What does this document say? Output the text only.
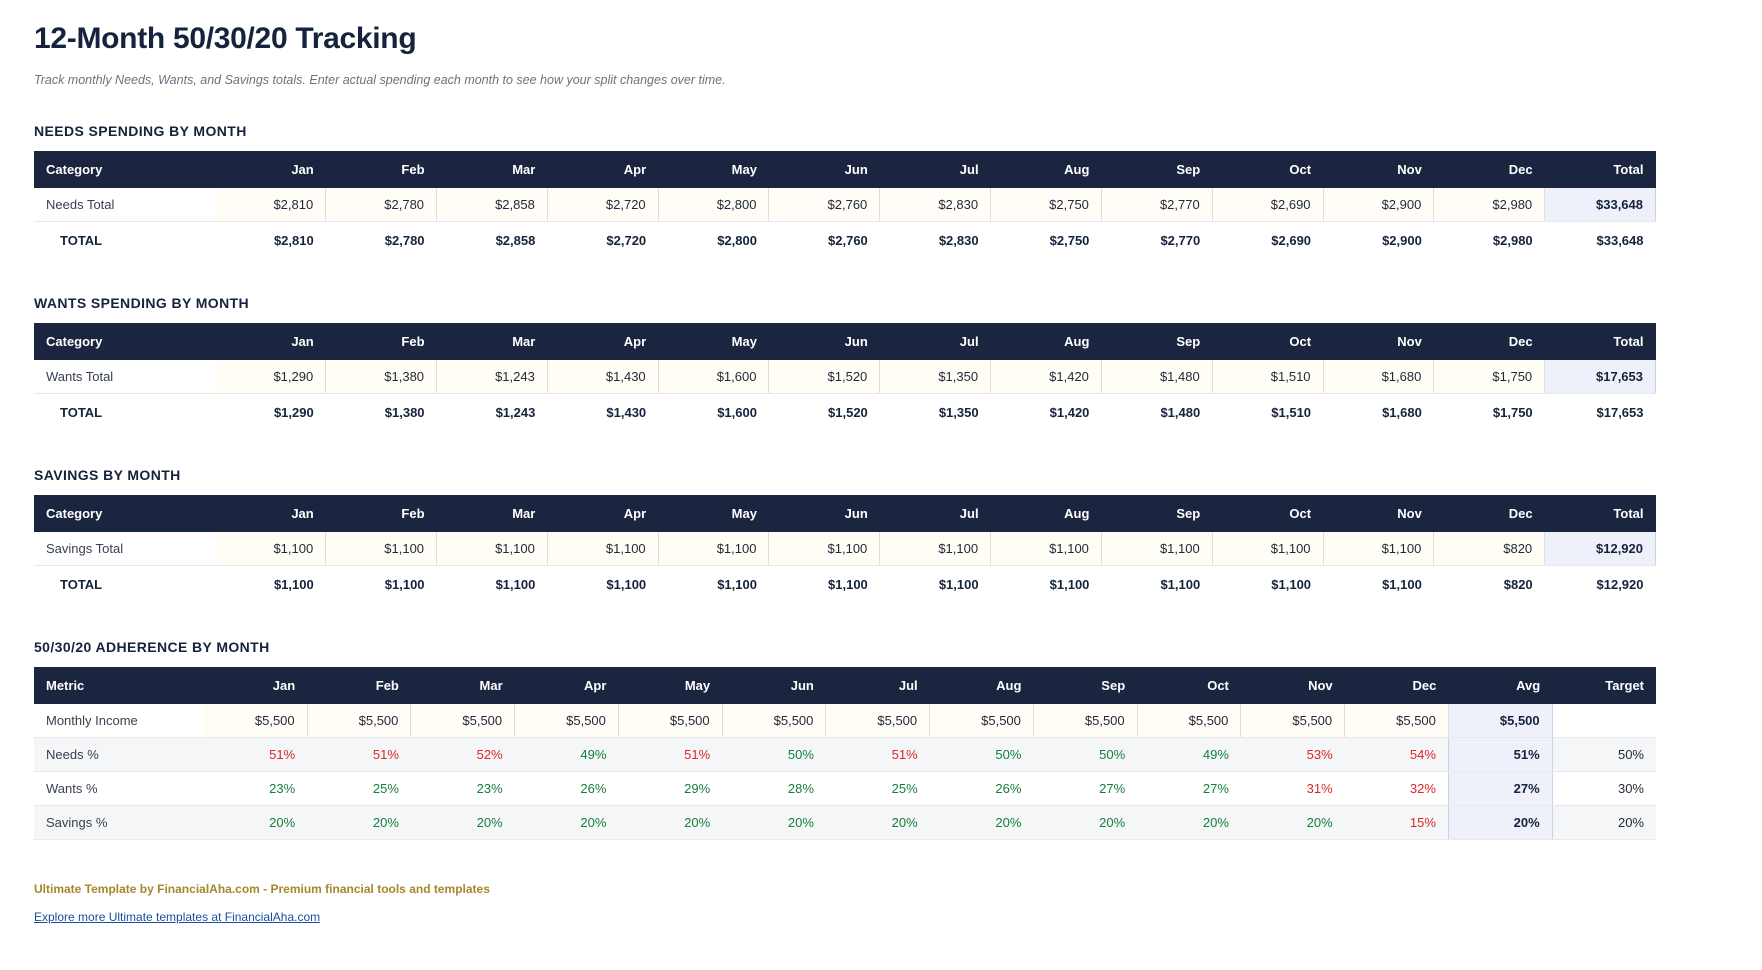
12-Month 50/30/20 Tracking

Track monthly Needs, Wants, and Savings totals. Enter actual spending each month to see how your split changes over time.

NEEDS SPENDING BY MONTH
Category	Jan	Feb	Mar	Apr	May	Jun	Jul	Aug	Sep	Oct	Nov	Dec	Total
Needs Total	$2,810	$2,780	$2,858	$2,720	$2,800	$2,760	$2,830	$2,750	$2,770	$2,690	$2,900	$2,980	$33,648
TOTAL	$2,810	$2,780	$2,858	$2,720	$2,800	$2,760	$2,830	$2,750	$2,770	$2,690	$2,900	$2,980	$33,648
WANTS SPENDING BY MONTH
Category	Jan	Feb	Mar	Apr	May	Jun	Jul	Aug	Sep	Oct	Nov	Dec	Total
Wants Total	$1,290	$1,380	$1,243	$1,430	$1,600	$1,520	$1,350	$1,420	$1,480	$1,510	$1,680	$1,750	$17,653
TOTAL	$1,290	$1,380	$1,243	$1,430	$1,600	$1,520	$1,350	$1,420	$1,480	$1,510	$1,680	$1,750	$17,653
SAVINGS BY MONTH
Category	Jan	Feb	Mar	Apr	May	Jun	Jul	Aug	Sep	Oct	Nov	Dec	Total
Savings Total	$1,100	$1,100	$1,100	$1,100	$1,100	$1,100	$1,100	$1,100	$1,100	$1,100	$1,100	$820	$12,920
TOTAL	$1,100	$1,100	$1,100	$1,100	$1,100	$1,100	$1,100	$1,100	$1,100	$1,100	$1,100	$820	$12,920
50/30/20 ADHERENCE BY MONTH
Metric	Jan	Feb	Mar	Apr	May	Jun	Jul	Aug	Sep	Oct	Nov	Dec	Avg	Target
Monthly Income	$5,500	$5,500	$5,500	$5,500	$5,500	$5,500	$5,500	$5,500	$5,500	$5,500	$5,500	$5,500	$5,500	
Needs %	51%	51%	52%	49%	51%	50%	51%	50%	50%	49%	53%	54%	51%	50%
Wants %	23%	25%	23%	26%	29%	28%	25%	26%	27%	27%	31%	32%	27%	30%
Savings %	20%	20%	20%	20%	20%	20%	20%	20%	20%	20%	20%	15%	20%	20%
Ultimate Template by FinancialAha.com - Premium financial tools and templates
Explore more Ultimate templates at FinancialAha.com
